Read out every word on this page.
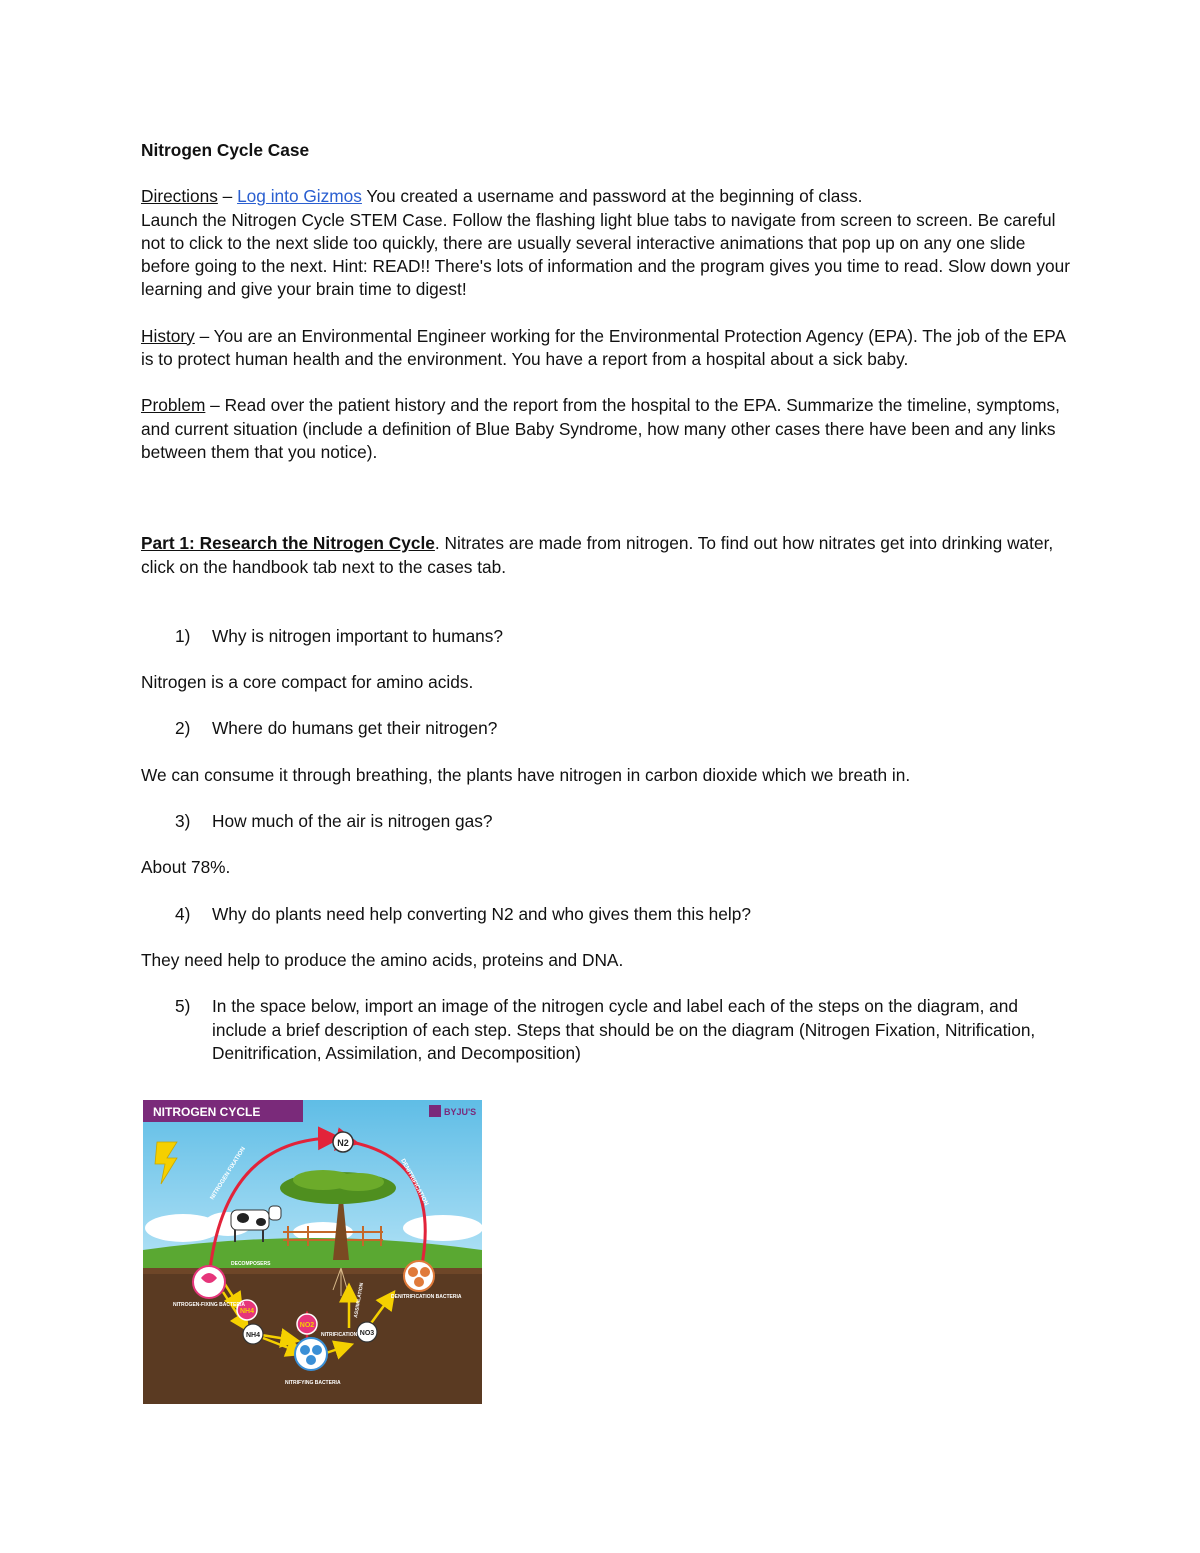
Nitrogen Cycle Case

Directions – Log into Gizmos You created a username and password at the beginning of class.

Launch the Nitrogen Cycle STEM Case. Follow the flashing light blue tabs to navigate from screen to screen. Be careful not to click to the next slide too quickly, there are usually several interactive animations that pop up on any one slide before going to the next. Hint: READ!! There's lots of information and the program gives you time to read. Slow down your learning and give your brain time to digest!

History – You are an Environmental Engineer working for the Environmental Protection Agency (EPA). The job of the EPA is to protect human health and the environment. You have a report from a hospital about a sick baby.

Problem – Read over the patient history and the report from the hospital to the EPA. Summarize the timeline, symptoms, and current situation (include a definition of Blue Baby Syndrome, how many other cases there have been and any links between them that you notice).

Part 1: Research the Nitrogen Cycle. Nitrates are made from nitrogen. To find out how nitrates get into drinking water, click on the handbook tab next to the cases tab.

1)	Why is nitrogen important to humans?

Nitrogen is a core compact for amino acids.

2)	Where do humans get their nitrogen?

We can consume it through breathing, the plants have nitrogen in carbon dioxide which we breath in.

3)	How much of the air is nitrogen gas?

About 78%.

4)	Why do plants need help converting N2 and who gives them this help?

They need help to produce the amino acids, proteins and DNA.

5)	In the space below, import an image of the nitrogen cycle and label each of the steps on the diagram, and include a brief description of each step. Steps that should be on the diagram (Nitrogen Fixation, Nitrification, Denitrification, Assimilation, and Decomposition)
NITROGEN CYCLE	BYJU'S
N2
NITROGEN FIXATION	DENITRIFICATION
NH4
NO2
NH4	NO3
NITROGEN-FIXING BACTERIA
DENITRIFICATION BACTERIA
NITRIFYING BACTERIA
DECOMPOSERS
NITRIFICATION
ASSIMILATION
